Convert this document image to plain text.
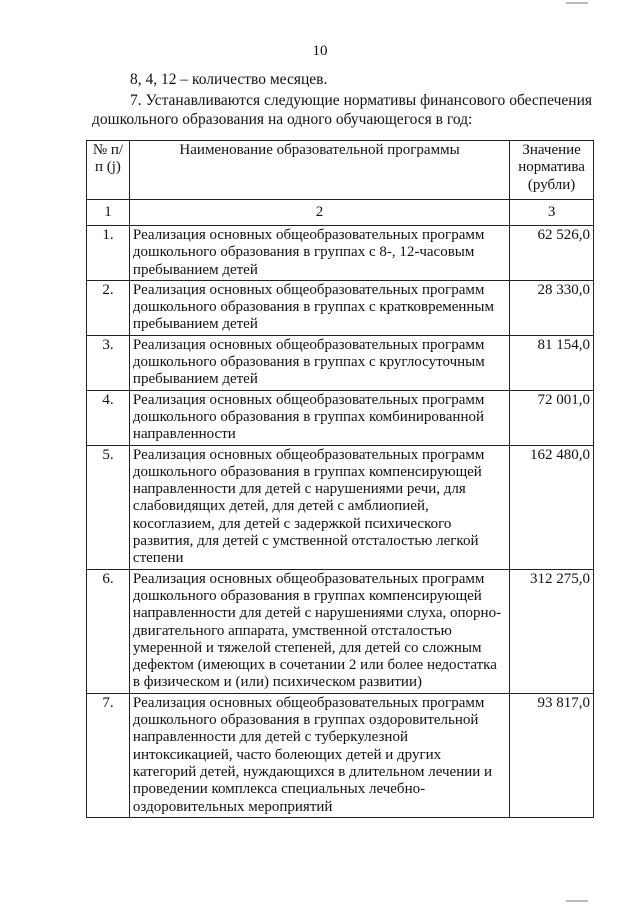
10
8, 4, 12 – количество месяцев.
7. Устанавливаются следующие нормативы финансового обеспечения дошкольного образования на одного обучающегося в год:
№ п/п (j)	Наименование образовательной программы	Значение норматива (рубли)
1	2	3
1.	Реализация основных общеобразовательных программ дошкольного образования в группах с 8-, 12-часовым пребыванием детей	62 526,0
2.	Реализация основных общеобразовательных программ дошкольного образования в группах с кратковременным пребыванием детей	28 330,0
3.	Реализация основных общеобразовательных программ дошкольного образования в группах с круглосуточным пребыванием детей	81 154,0
4.	Реализация основных общеобразовательных программ дошкольного образования в группах комбинированной направленности	72 001,0
5.	Реализация основных общеобразовательных программ дошкольного образования в группах компенсирующей направленности для детей с нарушениями речи, для слабовидящих детей, для детей с амблиопией, косоглазием, для детей с задержкой психического развития, для детей с умственной отсталостью легкой степени	162 480,0
6.	Реализация основных общеобразовательных программ дошкольного образования в группах компенсирующей направленности для детей с нарушениями слуха, опорно-двигательного аппарата, умственной отсталостью умеренной и тяжелой степеней, для детей со сложным дефектом (имеющих в сочетании 2 или более недостатка в физическом и (или) психическом развитии)	312 275,0
7.	Реализация основных общеобразовательных программ дошкольного образования в группах оздоровительной направленности для детей с туберкулезной интоксикацией, часто болеющих детей и других категорий детей, нуждающихся в длительном лечении и проведении комплекса специальных лечебно-оздоровительных мероприятий	93 817,0
